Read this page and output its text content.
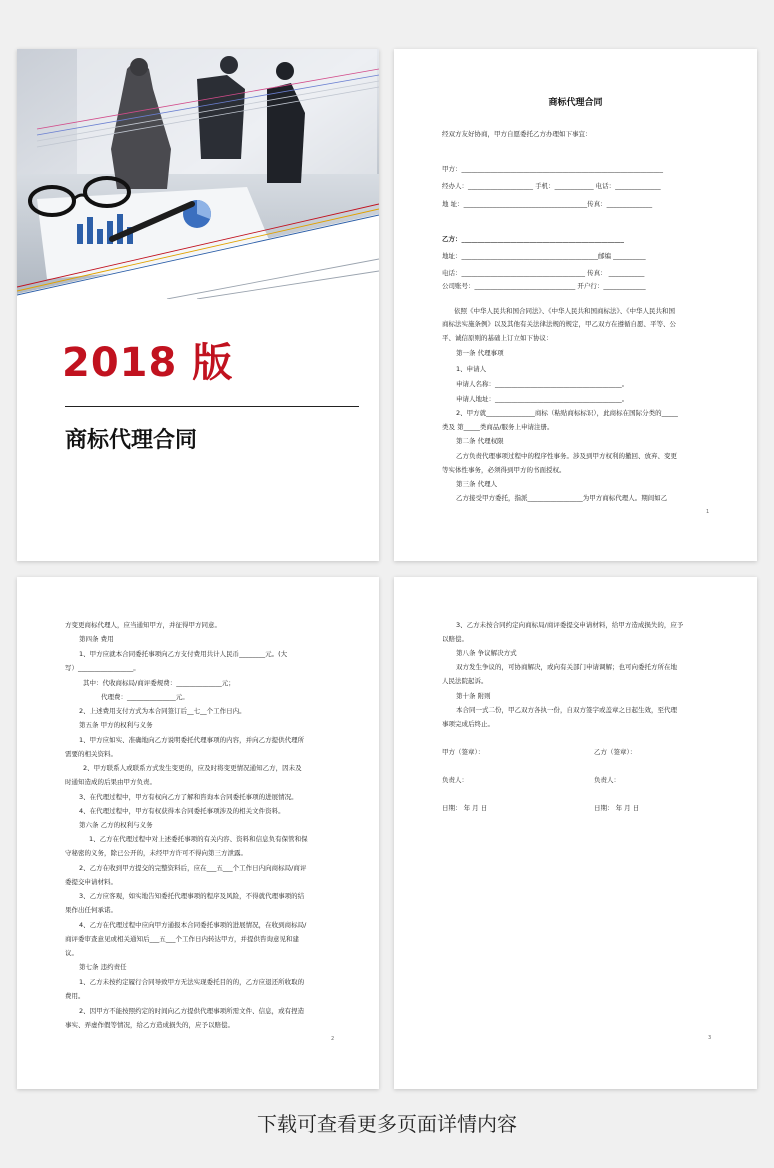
2018 版
商标代理合同
商标代理合同
经双方友好协商，甲方自愿委托乙方办理如下事宜：
甲方：______________________________________________________________
经办人：____________________ 手机：____________ 电话：______________
地 址：______________________________________传真：______________
乙方：__________________________________________________
地址：__________________________________________邮编 __________
电话：______________________________________ 传真： ___________
公司账号：_______________________________ 开户行：_____________
依照《中华人民共和国合同法》、《中华人民共和国商标法》、《中华人民共和国
商标法实施条例》以及其他有关法律法规的规定，甲乙双方在遵循自愿、平等、公
平、诚信原则的基础上订立如下协议：
第一条 代理事项
1、申请人
申请人名称：_______________________________________。
申请人地址：_______________________________________。
2、甲方就_______________商标（粘贴商标标识），此商标在国际分类的_____
类及 第_____类商品/服务上申请注册。
第二条 代理权限
乙方负责代理事项过程中的程序性事务。涉及到甲方权利的撤回、放弃、变更
等实体性事务，必须得到甲方的书面授权。
第三条 代理人
乙方接受甲方委托，指派_________________为甲方商标代理人。期间如乙
1
方变更商标代理人，应当通知甲方，并征得甲方同意。
第四条 费用
1、甲方应就本合同委托事项向乙方支付费用共计人民币________元。(大
写）_________________。
其中：代收商标局/商评委规费：______________元；
代理费：_______________元。
2、上述费用支付方式为本合同签订后__七__个工作日内。
第五条 甲方的权利与义务
1、甲方应如实、准确地向乙方说明委托代理事项的内容，并向乙方提供代理所
需要的相关资料。
2、甲方联系人或联系方式发生变更的，应及时将变更情况通知乙方，因未及
时通知造成的后果由甲方负责。
3、在代理过程中，甲方有权向乙方了解和咨询本合同委托事项的进展情况。
4、在代理过程中，甲方有权获得本合同委托事项涉及的相关文件资料。
第六条 乙方的权利与义务
1、乙方在代理过程中对上述委托事项的有关内容、资料和信息负有保管和保
守秘密的义务，除已公开的，未经甲方许可不得向第三方泄露。
2、乙方在收到甲方提交的完整资料后，应在___五___个工作日内向商标局/商评
委提交申请材料。
3、乙方应客观，如实地告知委托代理事项的程序及风险，不得就代理事项的结
果作出任何承诺。
4、乙方在代理过程中应向甲方通报本合同委托事项的进展情况，在收到商标局/
商评委审查意见或相关通知后___五___个工作日内转达甲方，并提供咨询意见和建
议。
第七条 违约责任
1、乙方未按约定履行合同导致甲方无法实现委托目的的，乙方应退还所收取的
费用。
2、因甲方不能按照约定的时间向乙方提供代理事项所需文件、信息，或有捏造
事实、弄虚作假等情况，给乙方造成损失的，应予以赔偿。
2
3、乙方未按合同约定向商标局/商评委提交申请材料，给甲方造成损失的，应予
以赔偿。
第八条 争议解决方式
双方发生争议的，可协商解决，或向有关部门申请调解；也可向委托方所在地
人民法院起诉。
第十条 附则
本合同一式二份，甲乙双方各执一份，自双方签字或盖章之日起生效，至代理
事项完成后终止。
甲方（签章）：	乙方（签章）：
负责人：	负责人：
日期： 年 月 日	日期： 年 月 日
3
下载可查看更多页面详情内容
